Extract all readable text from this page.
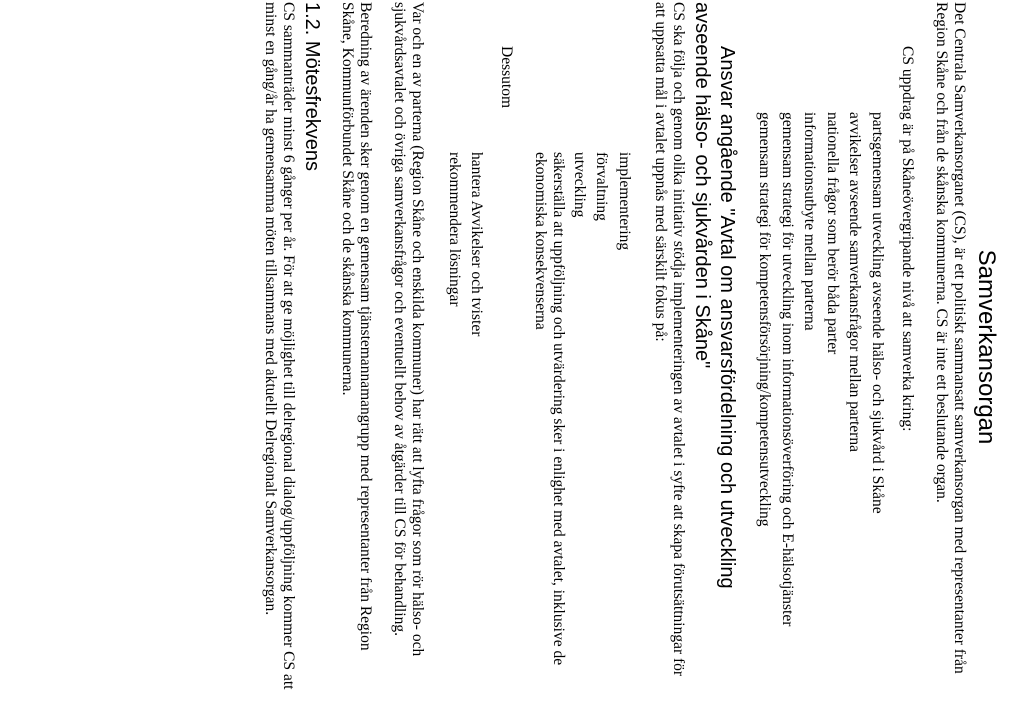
Samverkansorgan

Det Centrala Samverkansorganet (CS), är ett politiskt sammansatt samverkansorgan med representanter från Region Skåne och från de skånska kommunerna. CS är inte ett beslutande organ.

CS uppdrag är på Skåneövergripande nivå att samverka kring:

partsgemensam utveckling avseende hälso- och sjukvård i Skåne
avvikelser avseende samverkansfrågor mellan parterna
nationella frågor som berör båda parter
informationsutbyte mellan parterna
gemensam strategi för utveckling inom informationsöverföring och E-hälsotjänster
gemensam strategi för kompetensförsörjning/kompetensutveckling
Ansvar angående "Avtal om ansvarsfördelning och utveckling
avseende hälso- och sjukvården i Skåne"

CS ska följa och genom olika initiativ stödja implementeringen av avtalet i syfte att skapa förutsättningar för att uppsatta mål i avtalet uppnås med särskilt fokus på:

implementering
förvaltning
utveckling

säkerställa att uppföljning och utvärdering sker i enlighet med avtalet, inklusive de ekonomiska konsekvenserna

Dessutom

hantera Avvikelser och tvister
rekommendera lösningar

Var och en av parterna (Region Skåne och enskilda kommuner) har rätt att lyfta frågor som rör hälso- och sjukvårdsavtalet och övriga samverkansfrågor och eventuellt behov av åtgärder till CS för behandling.

Beredning av ärenden sker genom en gemensam tjänstemannamangrupp med representanter från Region Skåne, Kommunförbundet Skåne och de skånska kommunerna.

1.2. Mötesfrekvens

CS sammanträder minst 6 gånger per år. För att ge möjlighet till delregional dialog/uppföljning kommer CS att minst en gång/år ha gemensamma möten tillsammans med aktuellt Delregionalt Samverkansorgan.
